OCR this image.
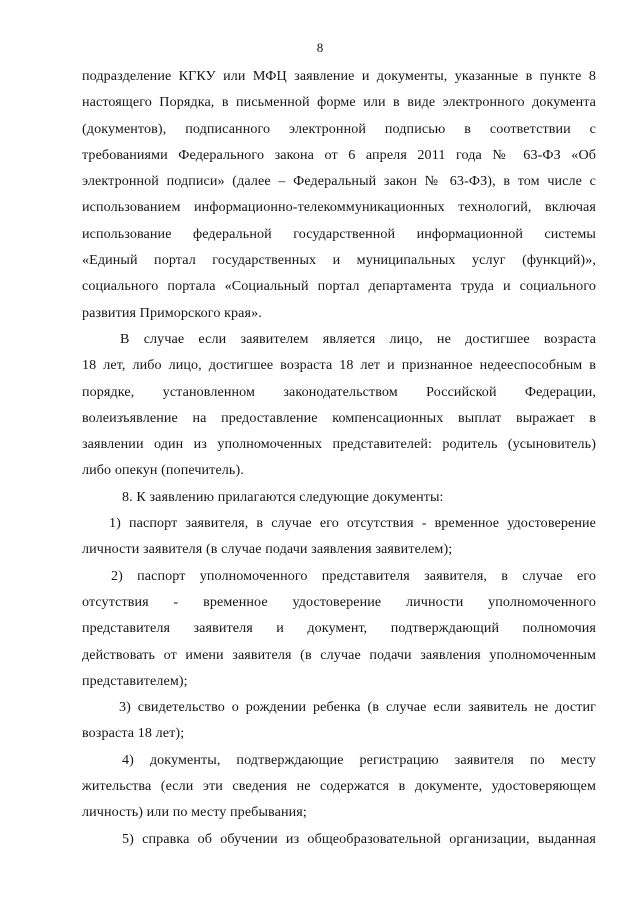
8
подразделение КГКУ или МФЦ заявление и документы, указанные в пункте 8
настоящего Порядка, в письменной форме или в виде электронного документа
(документов), подписанного электронной подписью в соответствии с
требованиями Федерального закона от 6 апреля 2011 года № 63-ФЗ «Об
электронной подписи» (далее – Федеральный закон № 63-ФЗ), в том числе с
использованием информационно-телекоммуникационных технологий, включая
использование федеральной государственной информационной системы
«Единый портал государственных и муниципальных услуг (функций)»,
социального портала «Социальный портал департамента труда и социального
развития Приморского края».
В случае если заявителем является лицо, не достигшее возраста
18 лет, либо лицо, достигшее возраста 18 лет и признанное недееспособным в
порядке, установленном законодательством Российской Федерации,
волеизъявление на предоставление компенсационных выплат выражает в
заявлении один из уполномоченных представителей: родитель (усыновитель)
либо опекун (попечитель).
8. К заявлению прилагаются следующие документы:
1) паспорт заявителя, в случае его отсутствия - временное удостоверение
личности заявителя (в случае подачи заявления заявителем);
2) паспорт уполномоченного представителя заявителя, в случае его
отсутствия - временное удостоверение личности уполномоченного
представителя заявителя и документ, подтверждающий полномочия
действовать от имени заявителя (в случае подачи заявления уполномоченным
представителем);
3) свидетельство о рождении ребенка (в случае если заявитель не достиг
возраста 18 лет);
4) документы, подтверждающие регистрацию заявителя по месту
жительства (если эти сведения не содержатся в документе, удостоверяющем
личность) или по месту пребывания;
5) справка об обучении из общеобразовательной организации, выданная
